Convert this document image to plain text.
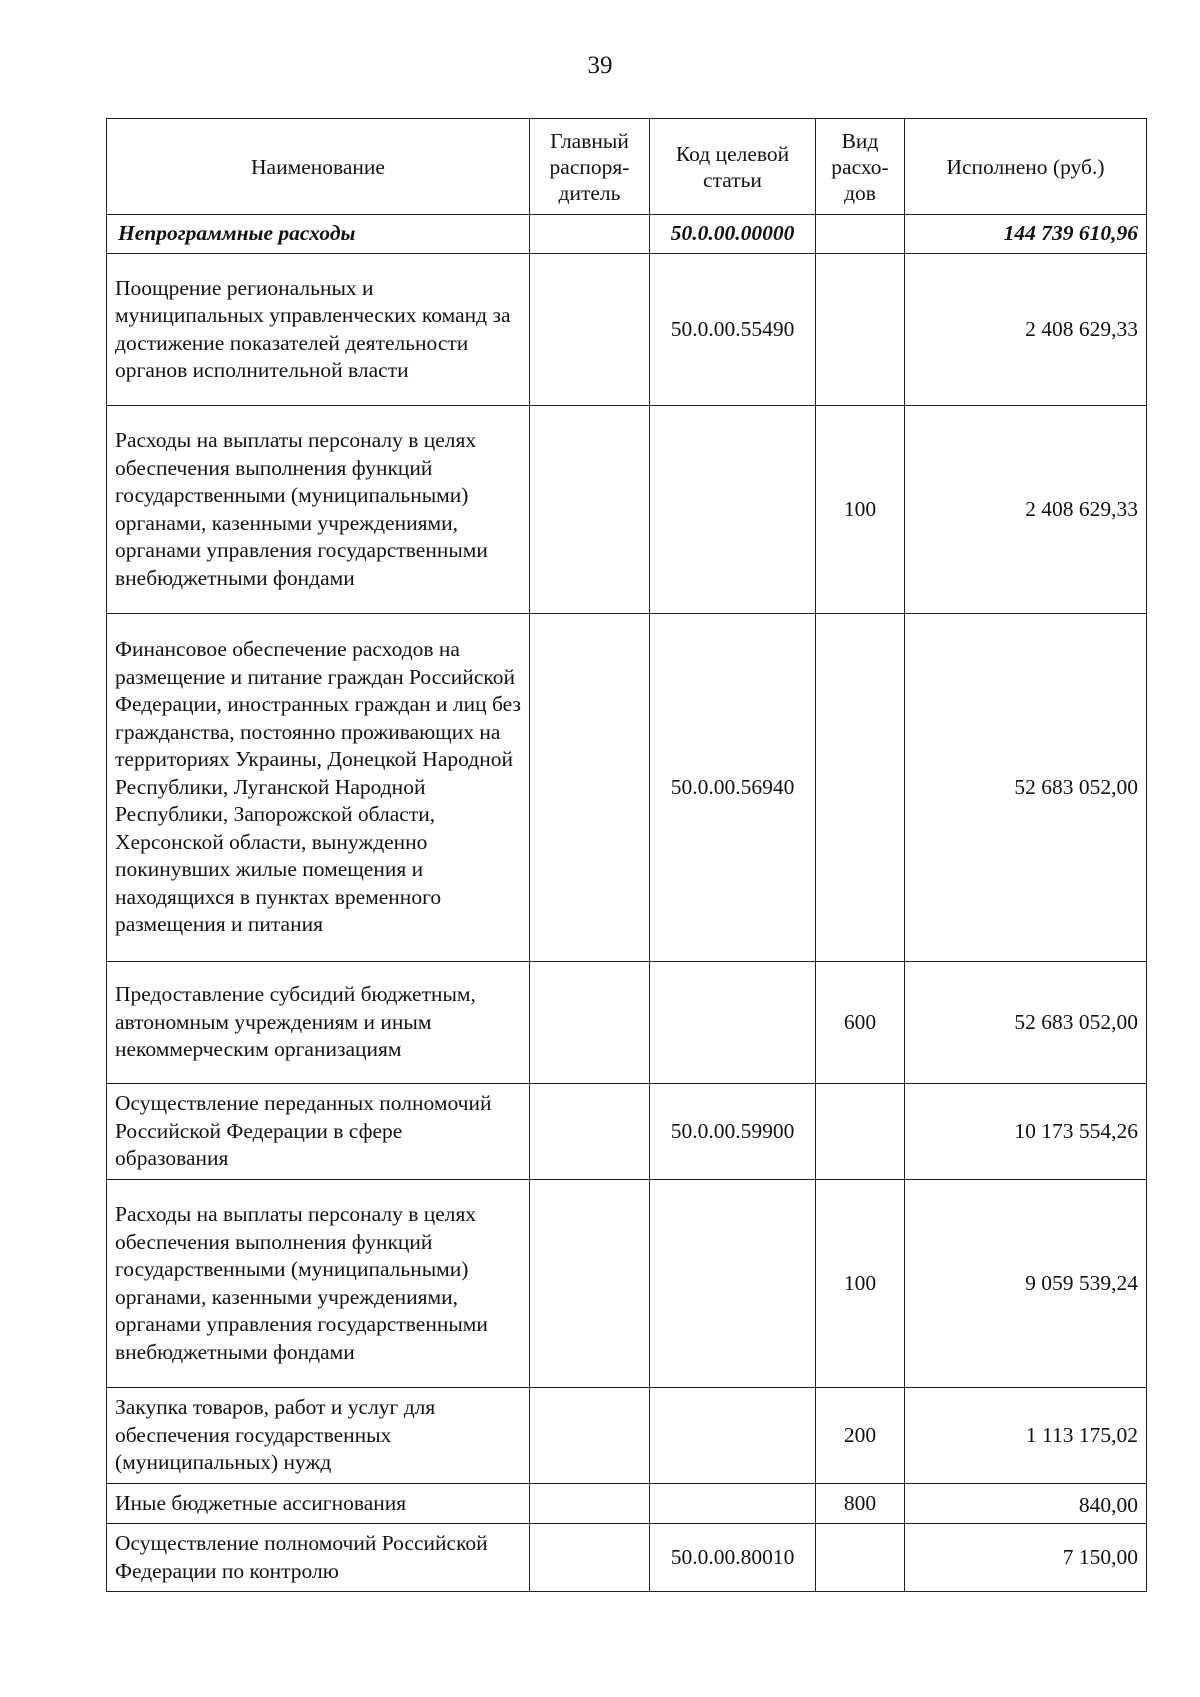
39
Наименование	Главный распоря-дитель	Код целевой статьи	Вид расхо-дов	Исполнено (руб.)
Непрограммные расходы		50.0.00.00000		144 739 610,96
Поощрение региональных и муниципальных управленческих команд за достижение показателей деятельности органов исполнительной власти		50.0.00.55490		2 408 629,33
Расходы на выплаты персоналу в целях обеспечения выполнения функций государственными (муниципальными) органами, казенными учреждениями, органами управления государственными внебюджетными фондами			100	2 408 629,33
Финансовое обеспечение расходов на размещение и питание граждан Российской Федерации, иностранных граждан и лиц без гражданства, постоянно проживающих на территориях Украины, Донецкой Народной Республики, Луганской Народной Республики, Запорожской области, Херсонской области, вынужденно покинувших жилые помещения и находящихся в пунктах временного размещения и питания		50.0.00.56940		52 683 052,00
Предоставление субсидий бюджетным, автономным учреждениям и иным некоммерческим организациям			600	52 683 052,00
Осуществление переданных полномочий Российской Федерации в сфере образования		50.0.00.59900		10 173 554,26
Расходы на выплаты персоналу в целях обеспечения выполнения функций государственными (муниципальными) органами, казенными учреждениями, органами управления государственными внебюджетными фондами			100	9 059 539,24
Закупка товаров, работ и услуг для обеспечения государственных (муниципальных) нужд			200	1 113 175,02
Иные бюджетные ассигнования			800	840,00
Осуществление полномочий Российской Федерации по контролю		50.0.00.80010		7 150,00
